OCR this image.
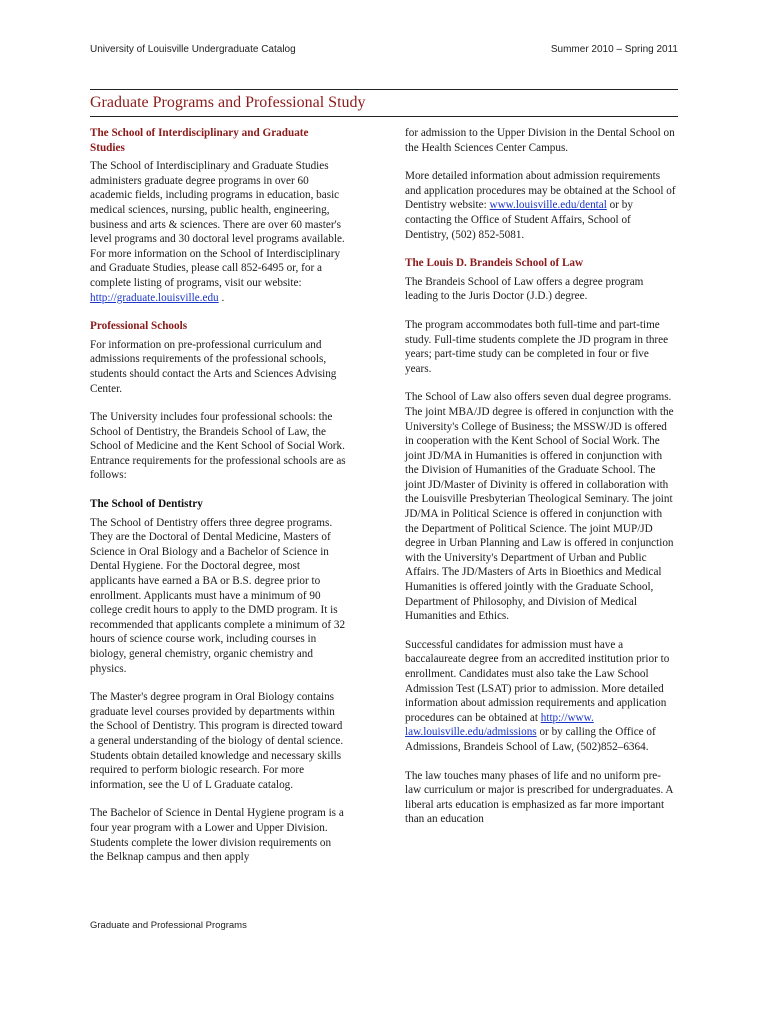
University of Louisville Undergraduate Catalog	Summer 2010 – Spring 2011
Graduate Programs and Professional Study
The School of Interdisciplinary and Graduate Studies

The School of Interdisciplinary and Graduate Studies administers graduate degree programs in over 60 academic fields, including programs in education, basic medical sciences, nursing, public health, engineering, business and arts & sciences. There are over 60 master's level programs and 30 doctoral level programs available. For more information on the School of Interdisciplinary and Graduate Studies, please call 852-6495 or, for a complete listing of programs, visit our website: http://graduate.louisville.edu .

Professional Schools

For information on pre-professional curriculum and admissions requirements of the professional schools, students should contact the Arts and Sciences Advising Center.

The University includes four professional schools: the School of Dentistry, the Brandeis School of Law, the School of Medicine and the Kent School of Social Work. Entrance requirements for the professional schools are as follows:

The School of Dentistry

The School of Dentistry offers three degree programs. They are the Doctoral of Dental Medicine, Masters of Science in Oral Biology and a Bachelor of Science in Dental Hygiene. For the Doctoral degree, most applicants have earned a BA or B.S. degree prior to enrollment. Applicants must have a minimum of 90 college credit hours to apply to the DMD program. It is recommended that applicants complete a minimum of 32 hours of science course work, including courses in biology, general chemistry, organic chemistry and physics.

The Master's degree program in Oral Biology contains graduate level courses provided by departments within the School of Dentistry. This program is directed toward a general understanding of the biology of dental science. Students obtain detailed knowledge and necessary skills required to perform biologic research. For more information, see the U of L Graduate catalog.

The Bachelor of Science in Dental Hygiene program is a four year program with a Lower and Upper Division. Students complete the lower division requirements on the Belknap campus and then apply

for admission to the Upper Division in the Dental School on the Health Sciences Center Campus.

More detailed information about admission requirements and application procedures may be obtained at the School of Dentistry website: www.louisville.edu/dental or by contacting the Office of Student Affairs, School of Dentistry, (502) 852-5081.

The Louis D. Brandeis School of Law

The Brandeis School of Law offers a degree program leading to the Juris Doctor (J.D.) degree.

The program accommodates both full-time and part-time study. Full-time students complete the JD program in three years; part-time study can be completed in four or five years.

The School of Law also offers seven dual degree programs. The joint MBA/JD degree is offered in conjunction with the University's College of Business; the MSSW/JD is offered in cooperation with the Kent School of Social Work. The joint JD/MA in Humanities is offered in conjunction with the Division of Humanities of the Graduate School. The joint JD/Master of Divinity is offered in collaboration with the Louisville Presbyterian Theological Seminary. The joint JD/MA in Political Science is offered in conjunction with the Department of Political Science. The joint MUP/JD degree in Urban Planning and Law is offered in conjunction with the University's Department of Urban and Public Affairs. The JD/Masters of Arts in Bioethics and Medical Humanities is offered jointly with the Graduate School, Department of Philosophy, and Division of Medical Humanities and Ethics.

Successful candidates for admission must have a baccalaureate degree from an accredited institution prior to enrollment. Candidates must also take the Law School Admission Test (LSAT) prior to admission. More detailed information about admission requirements and application procedures can be obtained at http://www. law.louisville.edu/admissions or by calling the Office of Admissions, Brandeis School of Law, (502)852–6364.

The law touches many phases of life and no uniform pre-law curriculum or major is prescribed for undergraduates. A liberal arts education is emphasized as far more important than an education

Graduate and Professional Programs
